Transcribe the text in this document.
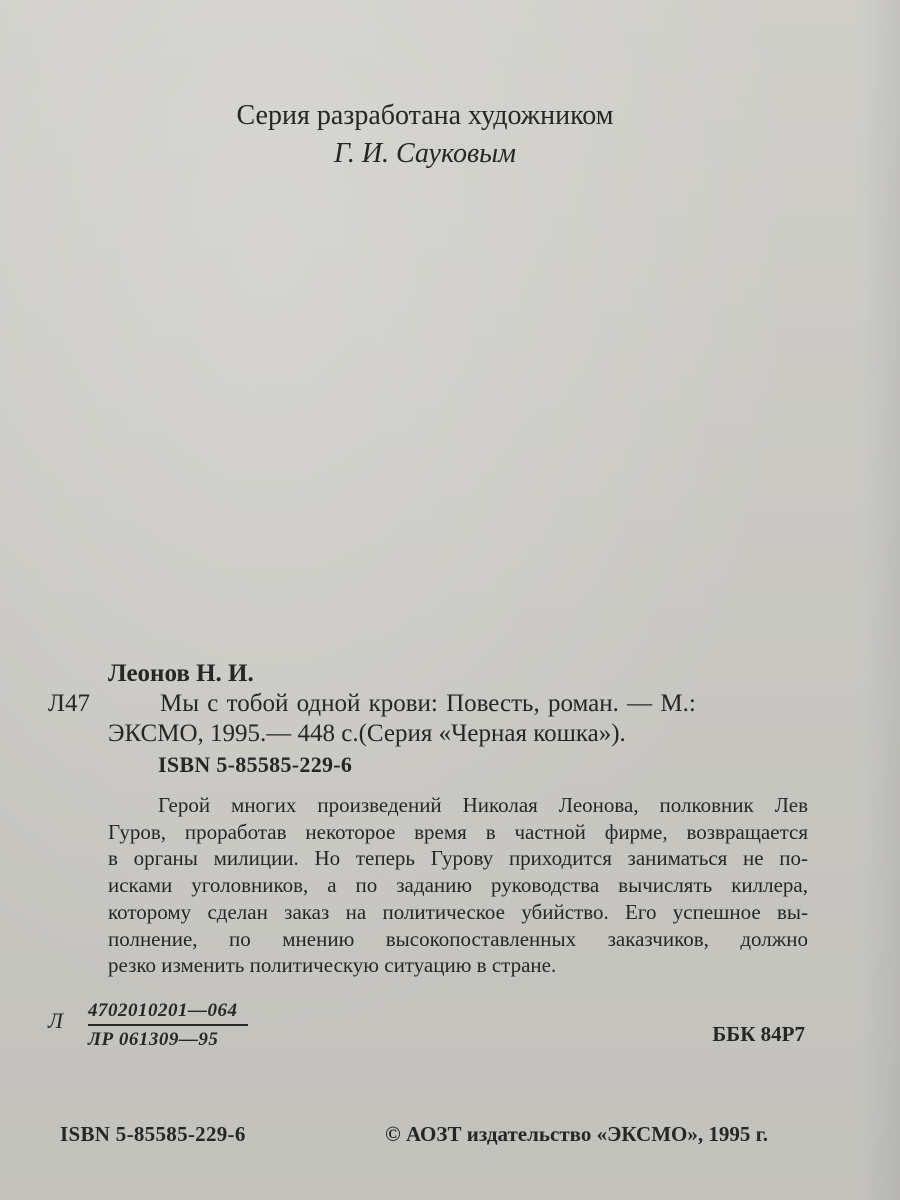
Серия разработана художником
Г. И. Сауковым
Леонов Н. И.
Л47	Мы с тобой одной крови: Повесть, роман. — М.:
ЭКСМО, 1995.— 448 с.(Серия «Черная кошка»).
ISBN 5-85585-229-6
Герой многих произведений Николая Леонова, полковник Лев
Гуров, проработав некоторое время в частной фирме, возвращается
в органы милиции. Но теперь Гурову приходится заниматься не по-
исками уголовников, а по заданию руководства вычислять киллера,
которому сделан заказ на политическое убийство. Его успешное вы-
полнение, по мнению высокопоставленных заказчиков, должно
резко изменить политическую ситуацию в стране.
Л 4702010201—064
ЛР 061309—95	ББК 84Р7
ISBN 5-85585-229-6	© АОЗТ издательство «ЭКСМО», 1995 г.
